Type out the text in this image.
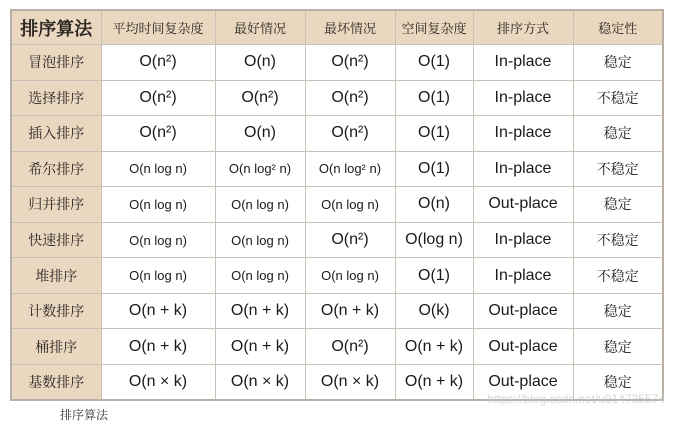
排序算法	平均时间复杂度	最好情况	最坏情况	空间复杂度	排序方式	稳定性
冒泡排序	O(n²)	O(n)	O(n²)	O(1)	In-place	稳定
选择排序	O(n²)	O(n²)	O(n²)	O(1)	In-place	不稳定
插入排序	O(n²)	O(n)	O(n²)	O(1)	In-place	稳定
希尔排序	O(n log n)	O(n log² n)	O(n log² n)	O(1)	In-place	不稳定
归并排序	O(n log n)	O(n log n)	O(n log n)	O(n)	Out-place	稳定
快速排序	O(n log n)	O(n log n)	O(n²)	O(log n)	In-place	不稳定
堆排序	O(n log n)	O(n log n)	O(n log n)	O(1)	In-place	不稳定
计数排序	O(n + k)	O(n + k)	O(n + k)	O(k)	Out-place	稳定
桶排序	O(n + k)	O(n + k)	O(n²)	O(n + k)	Out-place	稳定
基数排序	O(n × k)	O(n × k)	O(n × k)	O(n + k)	Out-place	稳定
排序算法
https://blog.csdn.net/u014735574
